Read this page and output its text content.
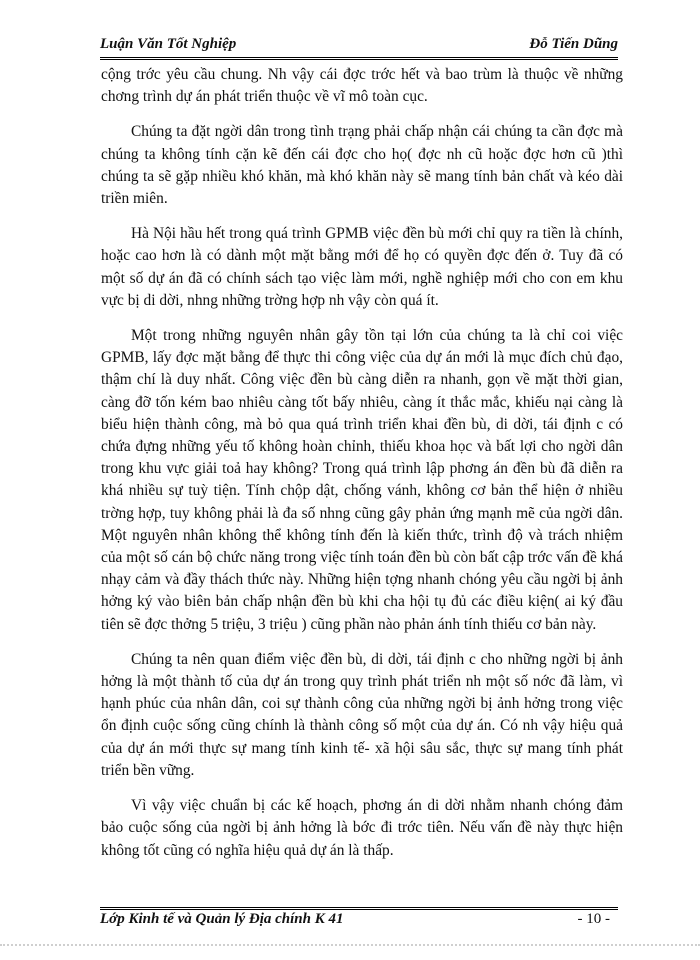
Luận Văn Tốt Nghiệp	Đỗ Tiến Dũng

cộng trớc yêu cầu chung. Nh vậy cái đợc trớc hết và bao trùm là thuộc về những chơng trình dự án phát triển thuộc về vĩ mô toàn cục.

Chúng ta đặt ngời dân trong tình trạng phải chấp nhận cái chúng ta cần đợc mà chúng ta không tính cặn kẽ đến cái đợc cho họ( đợc nh cũ hoặc đợc hơn cũ )thì chúng ta sẽ gặp nhiều khó khăn, mà khó khăn này sẽ mang tính bản chất và kéo dài triền miên.

Hà Nội hầu hết trong quá trình GPMB việc đền bù mới chỉ quy ra tiền là chính, hoặc cao hơn là có dành một mặt bằng mới để họ có quyền đợc đến ở. Tuy đã có một số dự án đã có chính sách tạo việc làm mới, nghề nghiệp mới cho con em khu vực bị di dời, nhng những trờng hợp nh vậy còn quá ít.

Một trong những nguyên nhân gây tồn tại lớn của chúng ta là chỉ coi việc GPMB, lấy đợc mặt bằng để thực thi công việc của dự án mới là mục đích chủ đạo, thậm chí là duy nhất. Công việc đền bù càng diễn ra nhanh, gọn về mặt thời gian, càng đỡ tốn kém bao nhiêu càng tốt bấy nhiêu, càng ít thắc mắc, khiếu nại càng là biểu hiện thành công, mà bỏ qua quá trình triển khai đền bù, di dời, tái định c có chứa đựng những yếu tố không hoàn chỉnh, thiếu khoa học và bất lợi cho ngời dân trong khu vực giải toả hay không? Trong quá trình lập phơng án đền bù đã diễn ra khá nhiều sự tuỳ tiện. Tính chộp dật, chống vánh, không cơ bản thể hiện ở nhiều trờng hợp, tuy không phải là đa số nhng cũng gây phản ứng mạnh mẽ của ngời dân. Một nguyên nhân không thể không tính đến là kiến thức, trình độ và trách nhiệm của một số cán bộ chức năng trong việc tính toán đền bù còn bất cập trớc vấn đề khá nhạy cảm và đầy thách thức này. Những hiện tợng nhanh chóng yêu cầu ngời bị ảnh hởng ký vào biên bản chấp nhận đền bù khi cha hội tụ đủ các điều kiện( ai ký đầu tiên sẽ đợc thởng 5 triệu, 3 triệu ) cũng phần nào phản ánh tính thiếu cơ bản này.

Chúng ta nên quan điểm việc đền bù, di dời, tái định c cho những ngời bị ảnh hởng là một thành tố của dự án trong quy trình phát triển nh một số nớc đã làm, vì hạnh phúc của nhân dân, coi sự thành công của những ngời bị ảnh hởng trong việc ổn định cuộc sống cũng chính là thành công số một của dự án. Có nh vậy hiệu quả của dự án mới thực sự mang tính kinh tế- xã hội sâu sắc, thực sự mang tính phát triển bền vững.

Vì vậy việc chuẩn bị các kế hoạch, phơng án di dời nhằm nhanh chóng đảm bảo cuộc sống của ngời bị ảnh hởng là bớc đi trớc tiên. Nếu vấn đề này thực hiện không tốt cũng có nghĩa hiệu quả dự án là thấp.

Lớp Kinh tế và Quản lý Địa chính K 41	- 10 -
